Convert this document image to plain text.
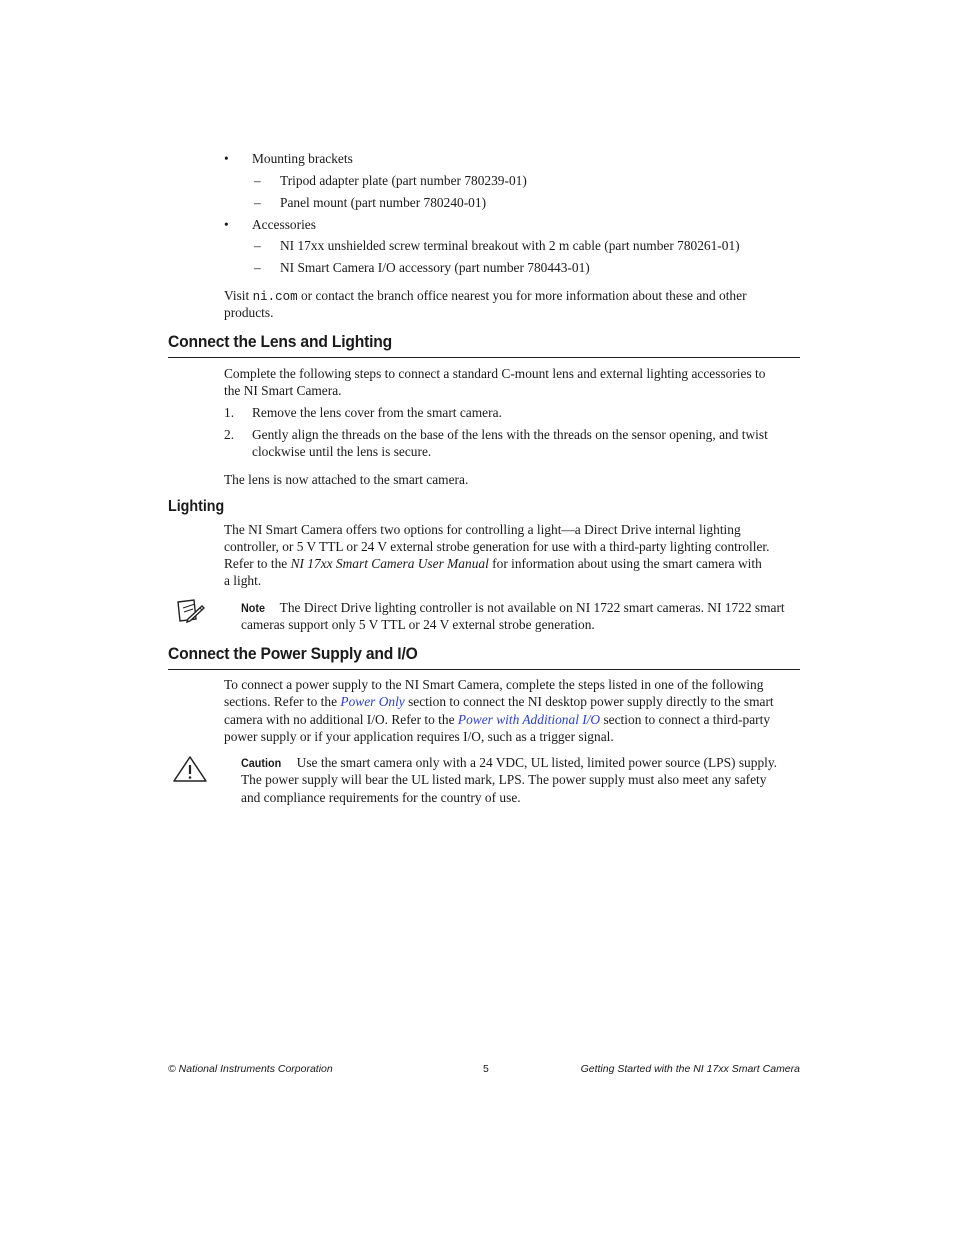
• Mounting brackets
– Tripod adapter plate (part number 780239-01)
– Panel mount (part number 780240-01)
• Accessories
– NI 17xx unshielded screw terminal breakout with 2 m cable (part number 780261-01)
– NI Smart Camera I/O accessory (part number 780443-01)
Visit ni.com or contact the branch office nearest you for more information about these and other
products.
Connect the Lens and Lighting
Complete the following steps to connect a standard C-mount lens and external lighting accessories to
the NI Smart Camera.
1. Remove the lens cover from the smart camera.
2. Gently align the threads on the base of the lens with the threads on the sensor opening, and twist
clockwise until the lens is secure.
The lens is now attached to the smart camera.
Lighting
The NI Smart Camera offers two options for controlling a light—a Direct Drive internal lighting
controller, or 5 V TTL or 24 V external strobe generation for use with a third-party lighting controller.
Refer to the NI 17xx Smart Camera User Manual for information about using the smart camera with
a light.
Note The Direct Drive lighting controller is not available on NI 1722 smart cameras. NI 1722 smart
cameras support only 5 V TTL or 24 V external strobe generation.
Connect the Power Supply and I/O
To connect a power supply to the NI Smart Camera, complete the steps listed in one of the following
sections. Refer to the Power Only section to connect the NI desktop power supply directly to the smart
camera with no additional I/O. Refer to the Power with Additional I/O section to connect a third-party
power supply or if your application requires I/O, such as a trigger signal.
Caution Use the smart camera only with a 24 VDC, UL listed, limited power source (LPS) supply.
The power supply will bear the UL listed mark, LPS. The power supply must also meet any safety
and compliance requirements for the country of use.
© National Instruments Corporation	5	Getting Started with the NI 17xx Smart Camera
